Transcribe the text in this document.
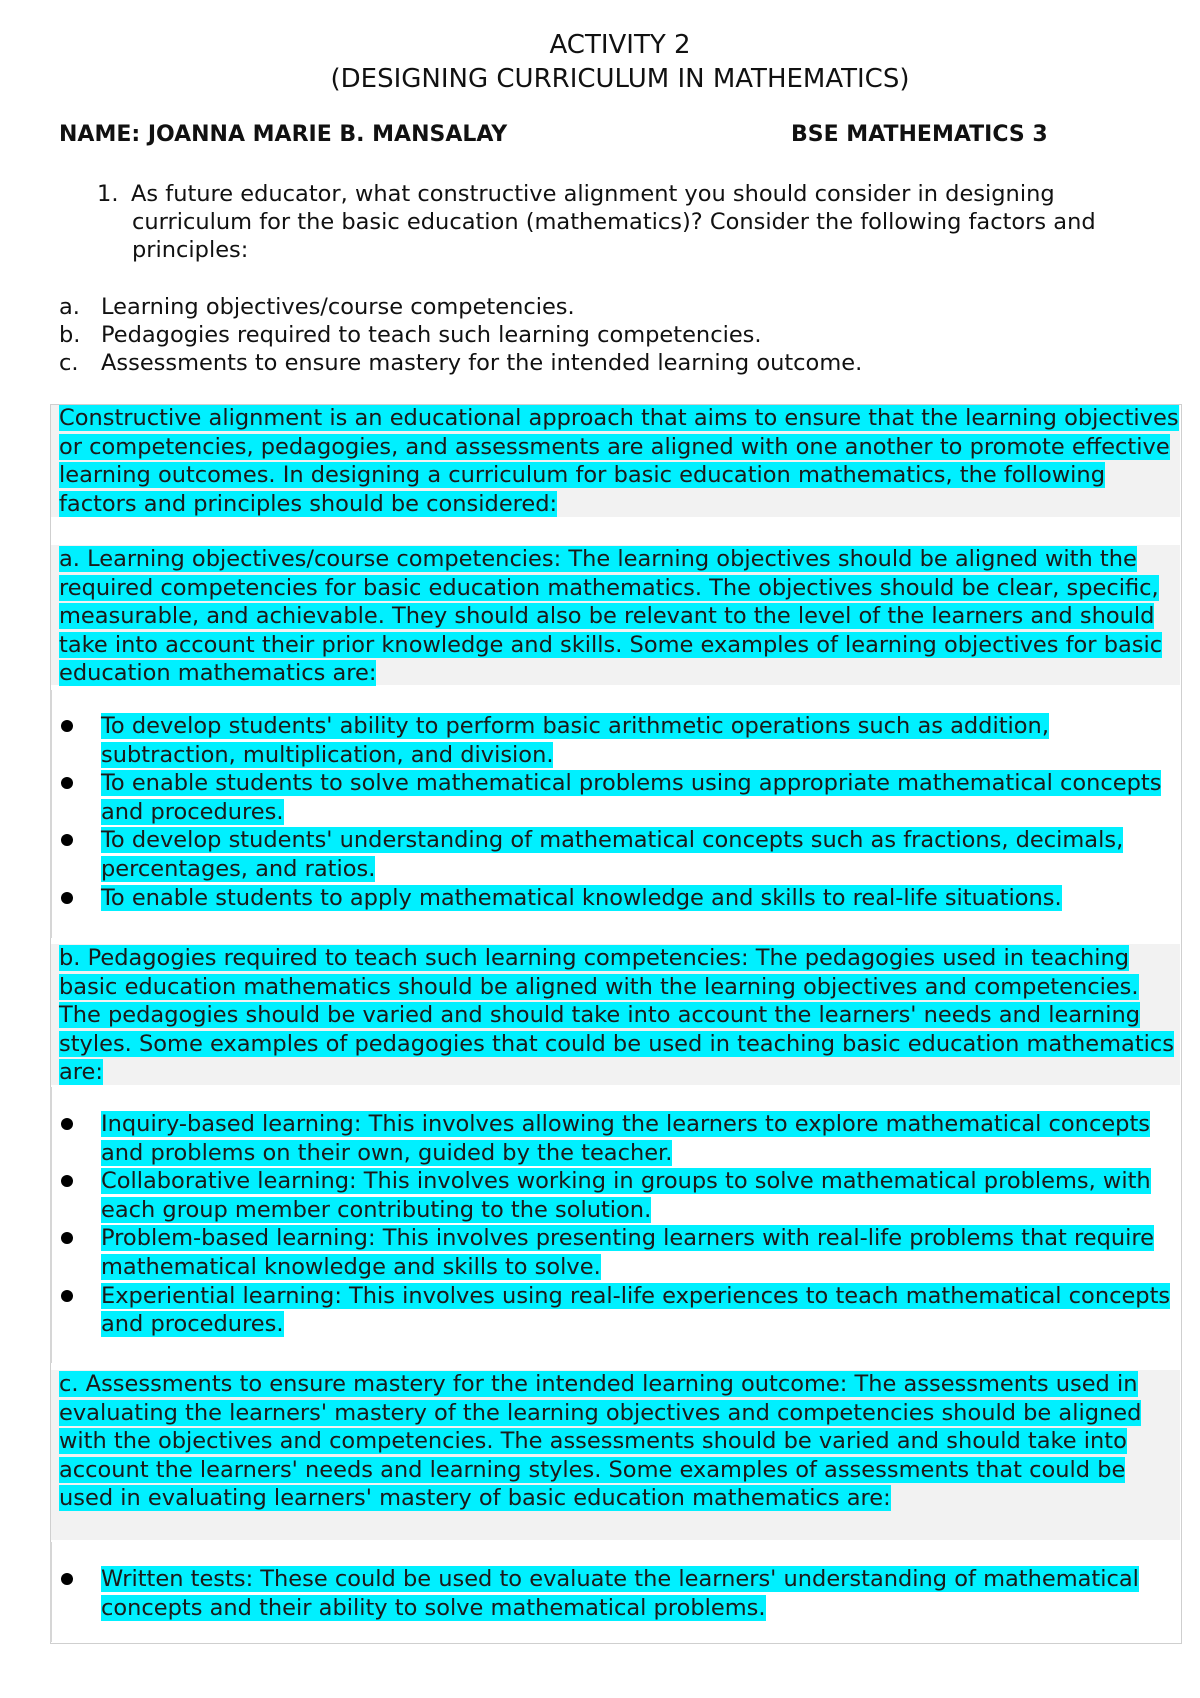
ACTIVITY 2
(DESIGNING CURRICULUM IN MATHEMATICS)
NAME: JOANNA MARIE B. MANSALAY	BSE MATHEMATICS 3
1. As future educator, what constructive alignment you should consider in designing curriculum for the basic education (mathematics)? Consider the following factors and principles:
a. Learning objectives/course competencies.
b. Pedagogies required to teach such learning competencies.
c. Assessments to ensure mastery for the intended learning outcome.

Constructive alignment is an educational approach that aims to ensure that the learning objectives or competencies, pedagogies, and assessments are aligned with one another to promote effective learning outcomes. In designing a curriculum for basic education mathematics, the following factors and principles should be considered:

a. Learning objectives/course competencies: The learning objectives should be aligned with the required competencies for basic education mathematics. The objectives should be clear, specific, measurable, and achievable. They should also be relevant to the level of the learners and should take into account their prior knowledge and skills. Some examples of learning objectives for basic education mathematics are:

To develop students' ability to perform basic arithmetic operations such as addition, subtraction, multiplication, and division.
To enable students to solve mathematical problems using appropriate mathematical concepts and procedures.
To develop students' understanding of mathematical concepts such as fractions, decimals, percentages, and ratios.
To enable students to apply mathematical knowledge and skills to real-life situations.

b. Pedagogies required to teach such learning competencies: The pedagogies used in teaching basic education mathematics should be aligned with the learning objectives and competencies. The pedagogies should be varied and should take into account the learners' needs and learning styles. Some examples of pedagogies that could be used in teaching basic education mathematics are:

Inquiry-based learning: This involves allowing the learners to explore mathematical concepts and problems on their own, guided by the teacher.
Collaborative learning: This involves working in groups to solve mathematical problems, with each group member contributing to the solution.
Problem-based learning: This involves presenting learners with real-life problems that require mathematical knowledge and skills to solve.
Experiential learning: This involves using real-life experiences to teach mathematical concepts and procedures.

c. Assessments to ensure mastery for the intended learning outcome: The assessments used in evaluating the learners' mastery of the learning objectives and competencies should be aligned with the objectives and competencies. The assessments should be varied and should take into account the learners' needs and learning styles. Some examples of assessments that could be used in evaluating learners' mastery of basic education mathematics are:

Written tests: These could be used to evaluate the learners' understanding of mathematical concepts and their ability to solve mathematical problems.
